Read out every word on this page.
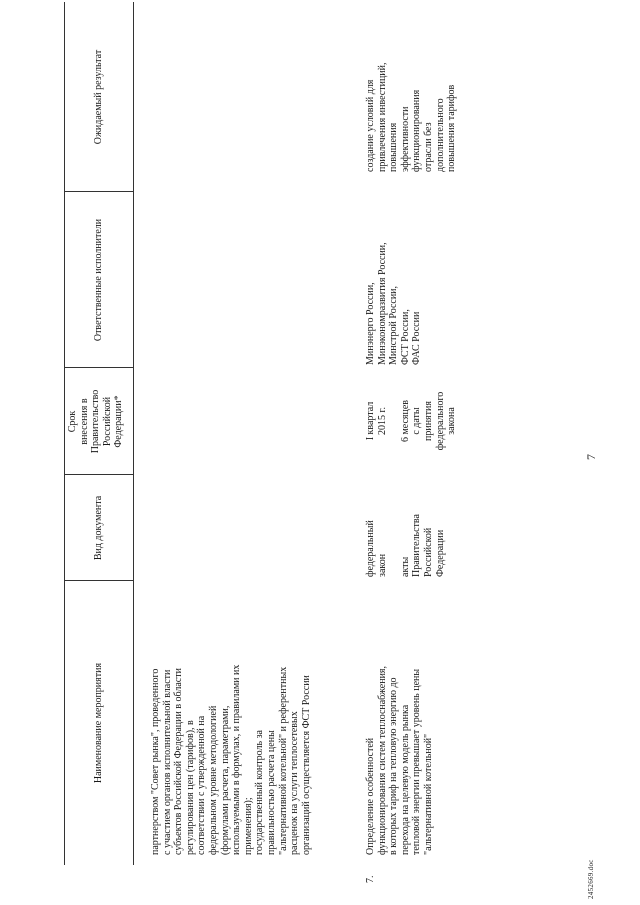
7
2452669.doc
Наименование мероприятия
Вид документа
Срок внесения в Правительство Российской Федерации*
Ответственные исполнители
Ожидаемый результат
партнерством "Совет рынка", проведенного с участием органов исполнительной власти субъектов Российской Федерации в области регулирования цен (тарифов), в соответствии с утвержденной на федеральном уровне методологией (формулами расчета, параметрами, используемыми в формулах, и правилами их применения); государственный контроль за правильностью расчета цены "альтернативной котельной" и референтных расценок на услуги теплосетевых организаций осуществляется ФСТ России
7.
Определение особенностей функционирования систем теплоснабжения, в которых тариф на тепловую энергию до перехода на целевую модель рынка тепловой энергии превышает уровень цены "альтернативной котельной"
федеральный закон акты Правительства Российской Федерации
I квартал 2015 г. 6 месяцев с даты принятия федерального закона
Минэнерго России, Минэкономразвития России, Минстрой России, ФСТ России, ФАС России
создание условий для привлечения инвестиций, повышения эффективности функционирования отрасли без дополнительного повышения тарифов
